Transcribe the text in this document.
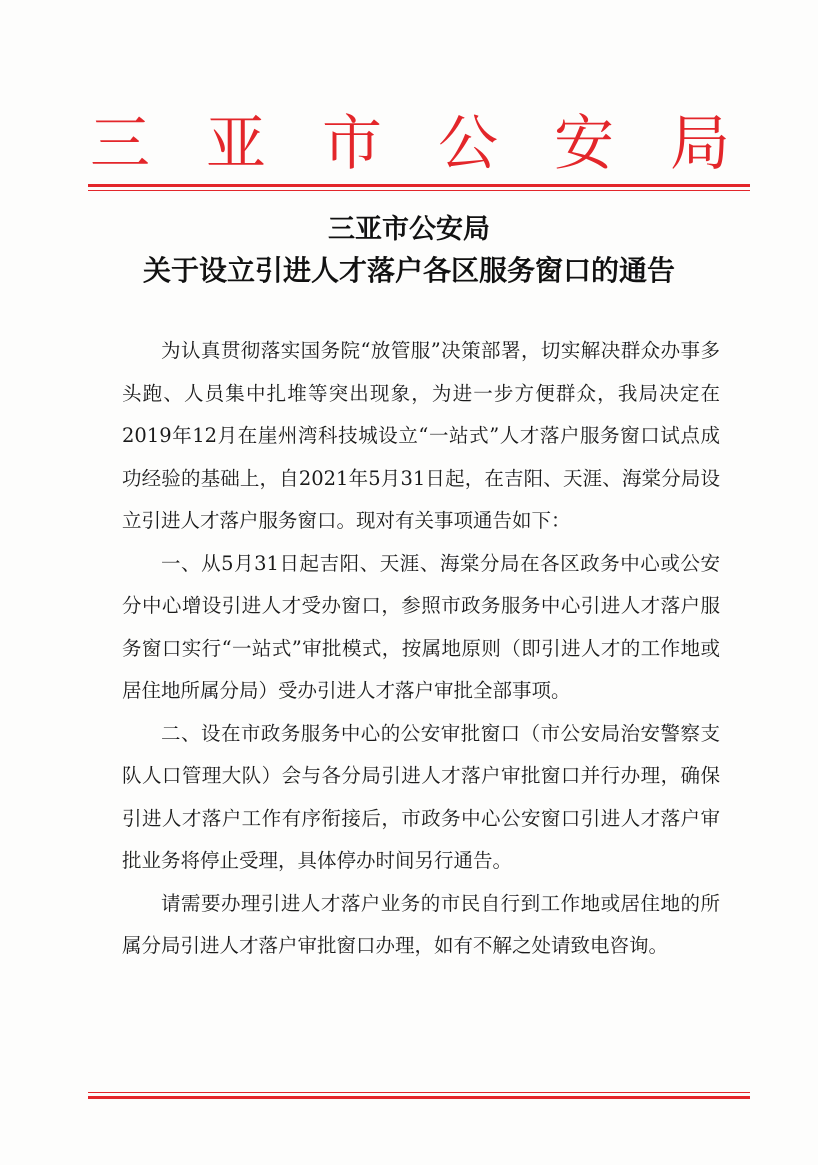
三 亚 市 公 安 局
三亚市公安局
关于设立引进人才落户各区服务窗口的通告

为认真贯彻落实国务院“放管服”决策部署，切实解决群众办事多头跑、人员集中扎堆等突出现象，为进一步方便群众，我局决定在2019年12月在崖州湾科技城设立“一站式”人才落户服务窗口试点成功经验的基础上，自2021年5月31日起，在吉阳、天涯、海棠分局设立引进人才落户服务窗口。现对有关事项通告如下：

一、从5月31日起吉阳、天涯、海棠分局在各区政务中心或公安分中心增设引进人才受办窗口，参照市政务服务中心引进人才落户服务窗口实行“一站式”审批模式，按属地原则（即引进人才的工作地或居住地所属分局）受办引进人才落户审批全部事项。

二、设在市政务服务中心的公安审批窗口（市公安局治安警察支队人口管理大队）会与各分局引进人才落户审批窗口并行办理，确保引进人才落户工作有序衔接后，市政务中心公安窗口引进人才落户审批业务将停止受理，具体停办时间另行通告。

请需要办理引进人才落户业务的市民自行到工作地或居住地的所属分局引进人才落户审批窗口办理，如有不解之处请致电咨询。
